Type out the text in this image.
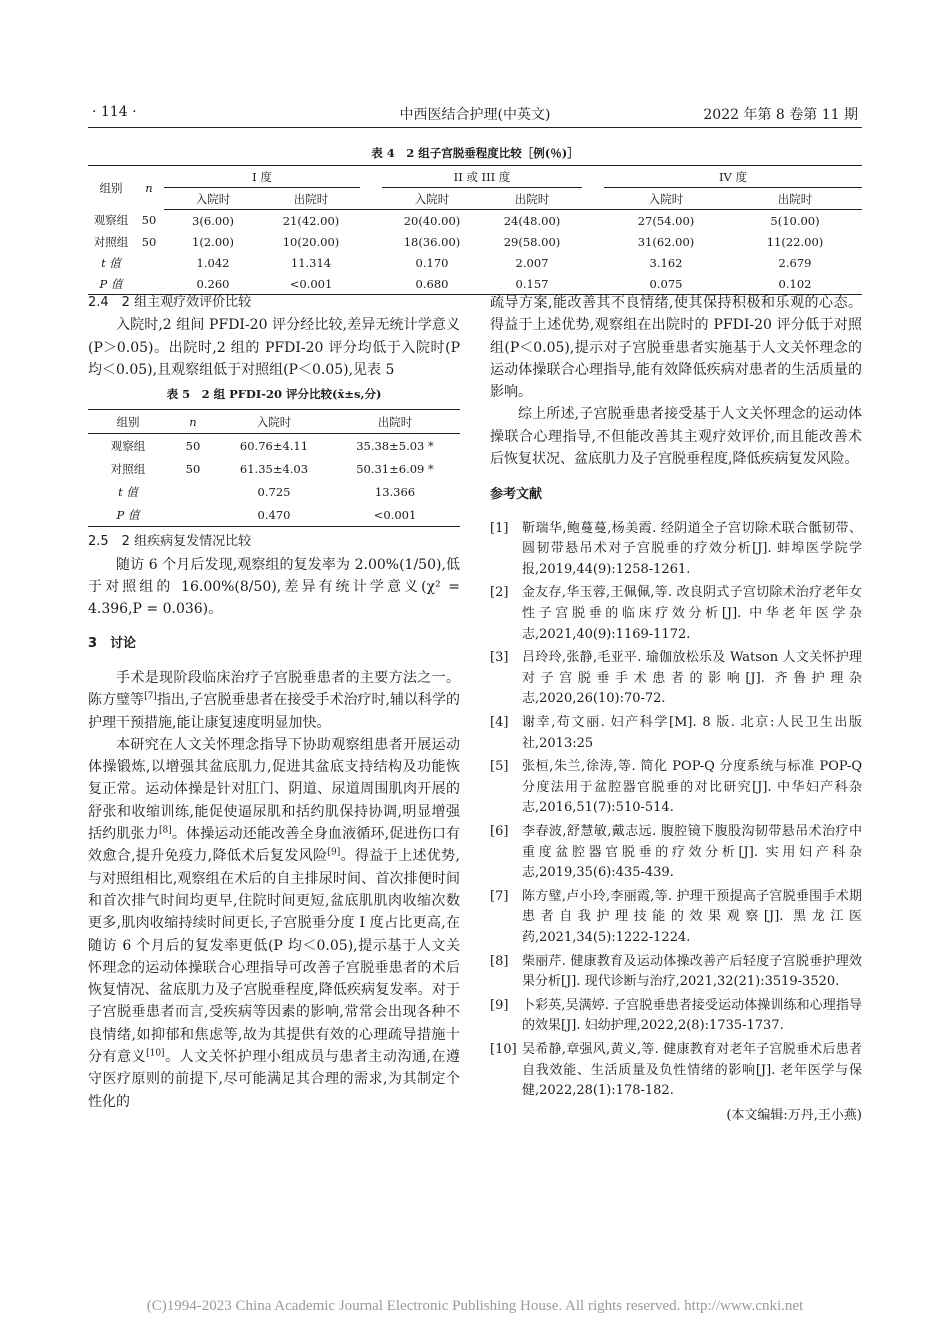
· 114 ·	中西医结合护理(中英文)	2022 年第 8 卷第 11 期
表 4　2 组子宫脱垂程度比较［例(％)］
组别	n	I 度			II 或 III 度			IV 度	
		入院时	出院时		入院时	出院时		入院时	出院时
观察组	50	3(6.00)	21(42.00)		20(40.00)	24(48.00)		27(54.00)	5(10.00)
对照组	50	1(2.00)	10(20.00)		18(36.00)	29(58.00)		31(62.00)	11(22.00)
t 值		1.042	11.314		0.170	2.007		3.162	2.679
P 值		0.260	<0.001		0.680	0.157		0.075	0.102

2.4　2 组主观疗效评价比较

入院时,2 组间 PFDI-20 评分经比较,差异无统计学意义(P＞0.05)。出院时,2 组的 PFDI-20 评分均低于入院时(P 均＜0.05),且观察组低于对照组(P＜0.05),见表 5

表 5　2 组 PFDI-20 评分比较(x̄±s,分)
组别	n	入院时	出院时
观察组	50	60.76±4.11	35.38±5.03 *
对照组	50	61.35±4.03	50.31±6.09 *
t 值		0.725	13.366
P 值		0.470	<0.001

2.5　2 组疾病复发情况比较

随访 6 个月后发现,观察组的复发率为 2.00%(1/50),低于对照组的 16.00%(8/50),差异有统计学意义(χ² = 4.396,P = 0.036)。

3　讨论

手术是现阶段临床治疗子宫脱垂患者的主要方法之一。陈方璧等[7]指出,子宫脱垂患者在接受手术治疗时,辅以科学的护理干预措施,能让康复速度明显加快。

本研究在人文关怀理念指导下协助观察组患者开展运动体操锻炼,以增强其盆底肌力,促进其盆底支持结构及功能恢复正常。运动体操是针对肛门、阴道、尿道周围肌肉开展的舒张和收缩训练,能促使逼尿肌和括约肌保持协调,明显增强括约肌张力[8]。体操运动还能改善全身血液循环,促进伤口有效愈合,提升免疫力,降低术后复发风险[9]。得益于上述优势,与对照组相比,观察组在术后的自主排尿时间、首次排便时间和首次排气时间均更早,住院时间更短,盆底肌肌肉收缩次数更多,肌肉收缩持续时间更长,子宫脱垂分度 I 度占比更高,在随访 6 个月后的复发率更低(P 均＜0.05),提示基于人文关怀理念的运动体操联合心理指导可改善子宫脱垂患者的术后恢复情况、盆底肌力及子宫脱垂程度,降低疾病复发率。对于子宫脱垂患者而言,受疾病等因素的影响,常常会出现各种不良情绪,如抑郁和焦虑等,故为其提供有效的心理疏导措施十分有意义[10]。人文关怀护理小组成员与患者主动沟通,在遵守医疗原则的前提下,尽可能满足其合理的需求,为其制定个性化的

疏导方案,能改善其不良情绪,使其保持积极和乐观的心态。得益于上述优势,观察组在出院时的 PFDI-20 评分低于对照组(P＜0.05),提示对子宫脱垂患者实施基于人文关怀理念的运动体操联合心理指导,能有效降低疾病对患者的生活质量的影响。

综上所述,子宫脱垂患者接受基于人文关怀理念的运动体操联合心理指导,不但能改善其主观疗效评价,而且能改善术后恢复状况、盆底肌力及子宫脱垂程度,降低疾病复发风险。

参考文献

[1]	靳瑞华,鲍蔓蔓,杨美霞. 经阴道全子宫切除术联合骶韧带、圆韧带悬吊术对子宫脱垂的疗效分析[J]. 蚌埠医学院学报,2019,44(9):1258-1261.
[2]	金友存,华玉蓉,王佩佩,等. 改良阴式子宫切除术治疗老年女性子宫脱垂的临床疗效分析[J]. 中华老年医学杂志,2021,40(9):1169-1172.
[3]	吕玲玲,张静,毛亚平. 瑜伽放松乐及 Watson 人文关怀护理对子宫脱垂手术患者的影响[J]. 齐鲁护理杂志,2020,26(10):70-72.
[4]	谢幸,苟文丽. 妇产科学[M]. 8 版. 北京:人民卫生出版社,2013:25
[5]	张桓,朱兰,徐涛,等. 简化 POP-Q 分度系统与标准 POP-Q 分度法用于盆腔器官脱垂的对比研究[J]. 中华妇产科杂志,2016,51(7):510-514.
[6]	李春波,舒慧敏,戴志远. 腹腔镜下腹股沟韧带悬吊术治疗中重度盆腔器官脱垂的疗效分析[J]. 实用妇产科杂志,2019,35(6):435-439.
[7]	陈方璧,卢小玲,李丽霞,等. 护理干预提高子宫脱垂围手术期患者自我护理技能的效果观察[J]. 黑龙江医药,2021,34(5):1222-1224.
[8]	柴丽芹. 健康教育及运动体操改善产后轻度子宫脱垂护理效果分析[J]. 现代诊断与治疗,2021,32(21):3519-3520.
[9]	卜彩英,吴满婷. 子宫脱垂患者接受运动体操训练和心理指导的效果[J]. 妇幼护理,2022,2(8):1735-1737.
[10] 吴希静,章强风,黄义,等. 健康教育对老年子宫脱垂术后患者自我效能、生活质量及负性情绪的影响[J]. 老年医学与保健,2022,28(1):178-182.
(本文编辑:万丹,王小燕)
(C)1994-2023 China Academic Journal Electronic Publishing House. All rights reserved. http://www.cnki.net
